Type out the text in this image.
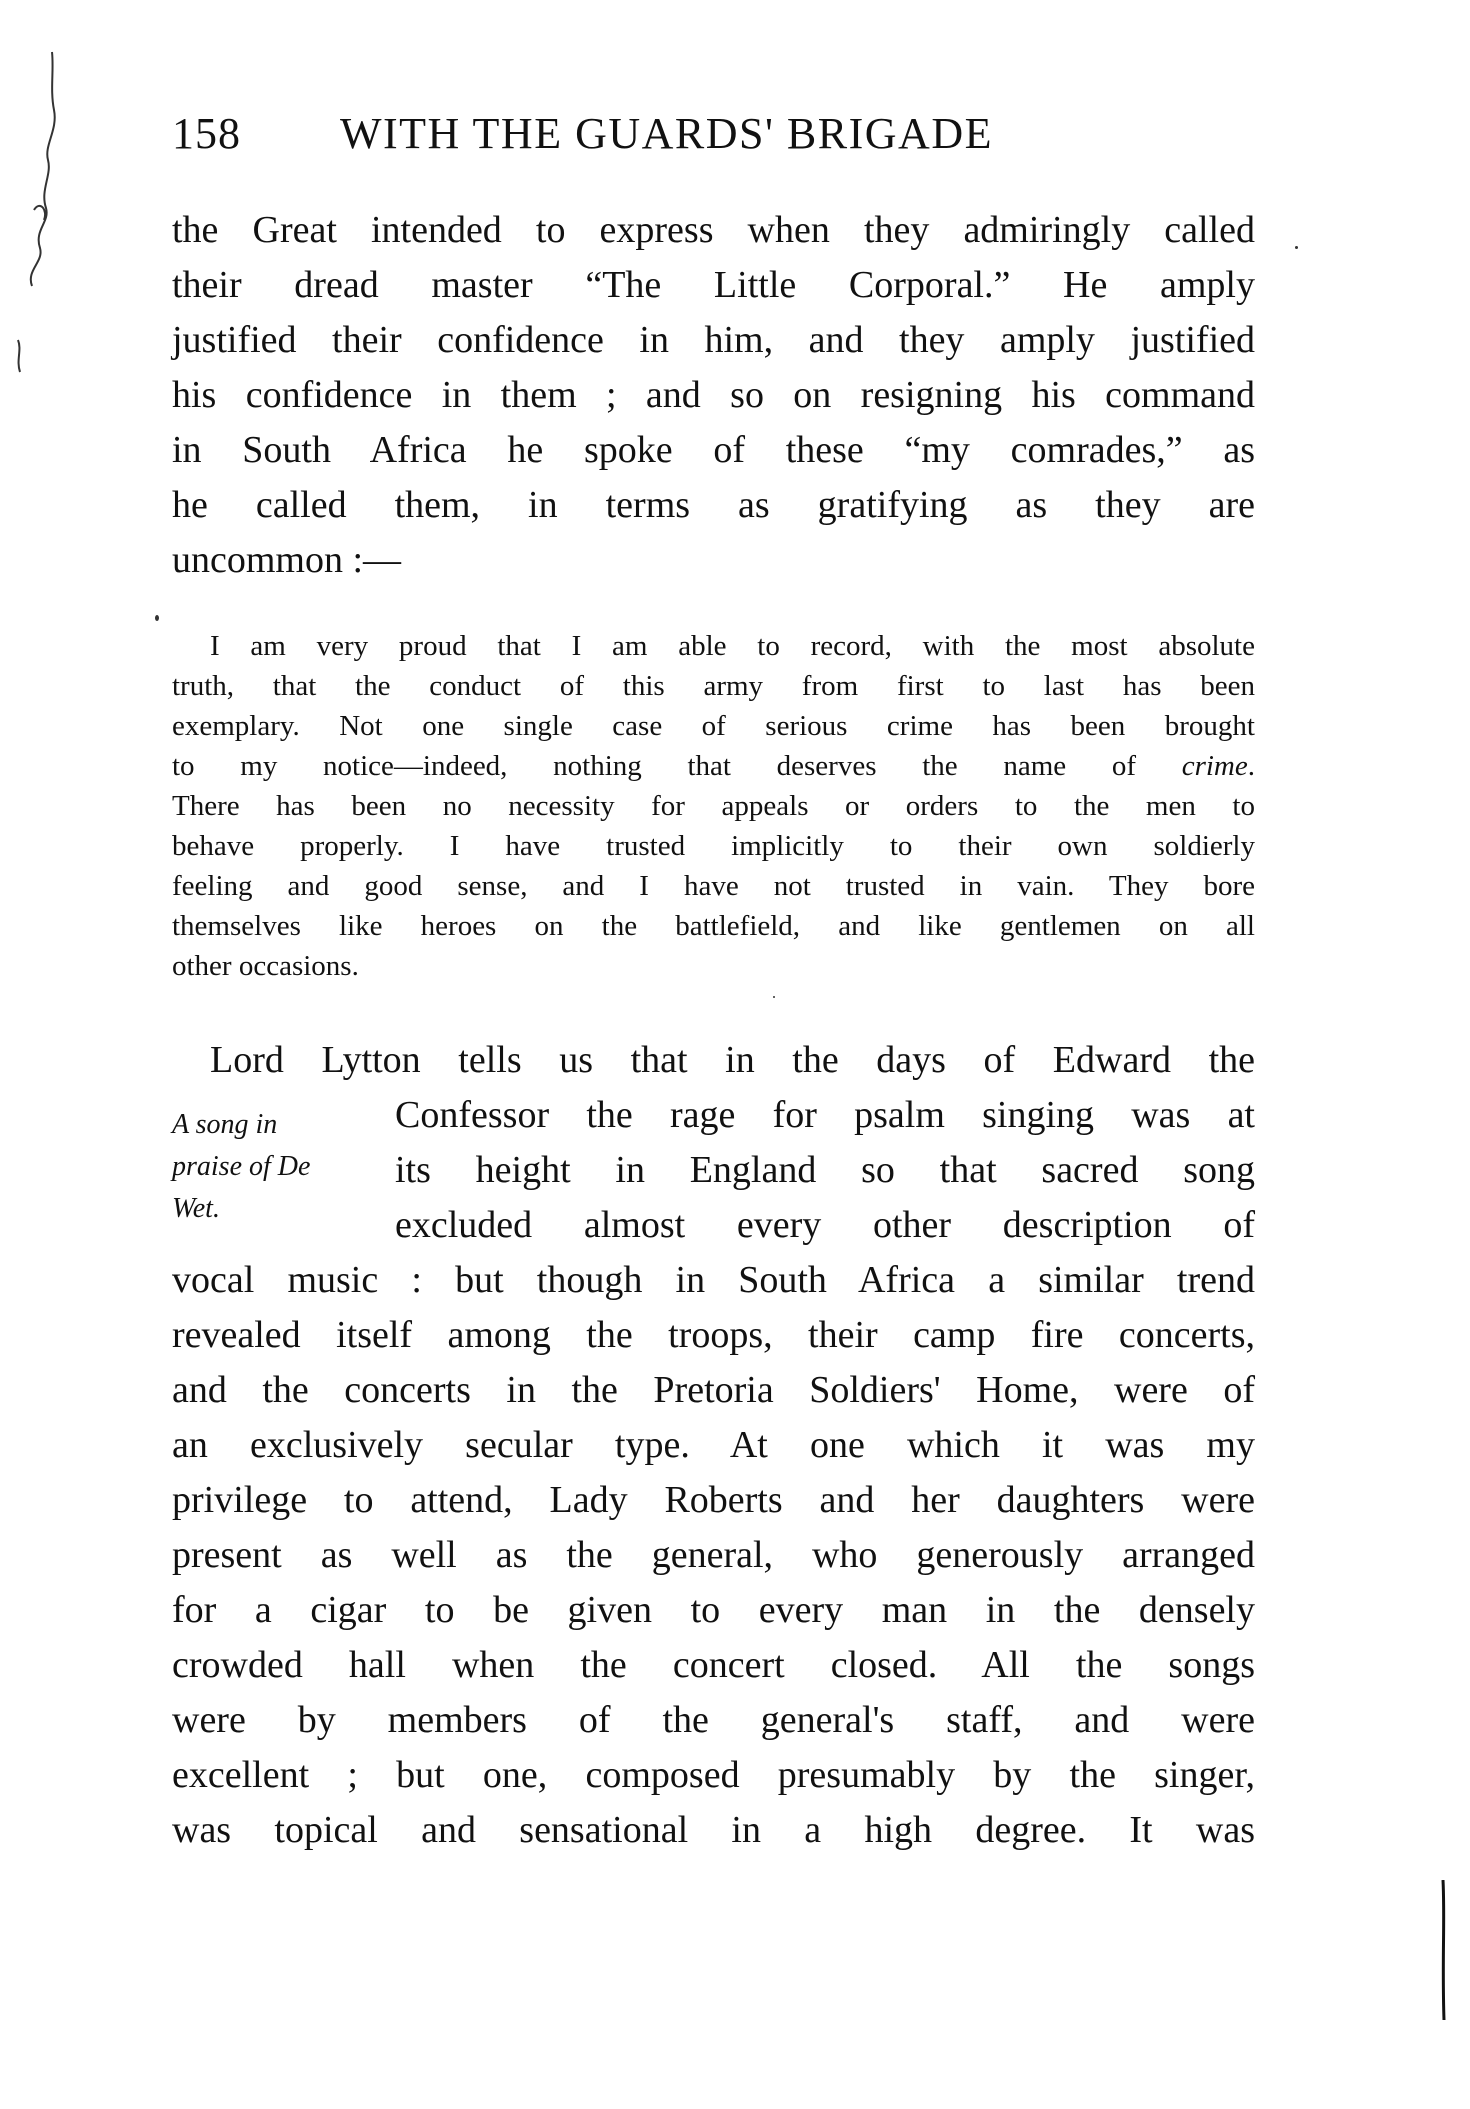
158 WITH THE GUARDS' BRIGADE
the Great intended to express when they admiringly called
their dread master “The Little Corporal.” He amply
justified their confidence in him, and they amply justified
his confidence in them ; and so on resigning his command
in South Africa he spoke of these “my comrades,” as
he called them, in terms as gratifying as they are
uncommon :—
I am very proud that I am able to record, with the most absolute
truth, that the conduct of this army from first to last has been
exemplary. Not one single case of serious crime has been brought
to my notice—indeed, nothing that deserves the name of crime.
There has been no necessity for appeals or orders to the men to
behave properly. I have trusted implicitly to their own soldierly
feeling and good sense, and I have not trusted in vain. They bore
themselves like heroes on the battlefield, and like gentlemen on all
other occasions.
A song in
praise of De
Wet.
Lord Lytton tells us that in the days of Edward the
Confessor the rage for psalm singing was at
its height in England so that sacred song
excluded almost every other description of
vocal music : but though in South Africa a similar trend
revealed itself among the troops, their camp fire concerts,
and the concerts in the Pretoria Soldiers' Home, were of
an exclusively secular type. At one which it was my
privilege to attend, Lady Roberts and her daughters were
present as well as the general, who generously arranged
for a cigar to be given to every man in the densely
crowded hall when the concert closed. All the songs
were by members of the general's staff, and were
excellent ; but one, composed presumably by the singer,
was topical and sensational in a high degree. It was
